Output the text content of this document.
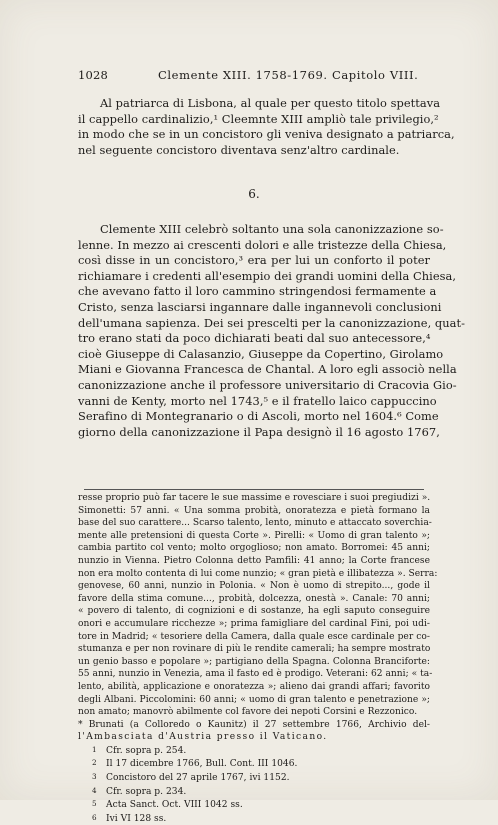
1028	Clemente XIII. 1758-1769. Capitolo VIII.
Al patriarca di Lisbona, al quale per questo titolo spettava
il cappello cardinalizio,¹ Cleemnte XIII ampliò tale privilegio,²
in modo che se in un concistoro gli veniva designato a patriarca,
nel seguente concistoro diventava senz'altro cardinale.
6.
Clemente XIII celebrò soltanto una sola canonizzazione so-
lenne. In mezzo ai crescenti dolori e alle tristezze della Chiesa,
così disse in un concistoro,³ era per lui un conforto il poter
richiamare i credenti all'esempio dei grandi uomini della Chiesa,
che avevano fatto il loro cammino stringendosi fermamente a
Cristo, senza lasciarsi ingannare dalle ingannevoli conclusioni
dell'umana sapienza. Dei sei prescelti per la canonizzazione, quat-
tro erano stati da poco dichiarati beati dal suo antecessore,⁴
cioè Giuseppe di Calasanzio, Giuseppe da Copertino, Girolamo
Miani e Giovanna Francesca de Chantal. A loro egli associò nella
canonizzazione anche il professore universitario di Cracovia Gio-
vanni de Kenty, morto nel 1743,⁵ e il fratello laico cappuccino
Serafino di Montegranario o di Ascoli, morto nel 1604.⁶ Come
giorno della canonizzazione il Papa designò il 16 agosto 1767,
resse proprio può far tacere le sue massime e rovesciare i suoi pregiudizi ».
Simonetti: 57 anni. « Una somma probità, onoratezza e pietà formano la
base del suo carattere... Scarso talento, lento, minuto e attaccato soverchia-
mente alle pretensioni di questa Corte ». Pirelli: « Uomo di gran talento »;
cambia partito col vento; molto orgoglioso; non amato. Borromei: 45 anni;
nunzio in Vienna. Pietro Colonna detto Pamfili: 41 anno; la Corte francese
non era molto contenta di lui come nunzio; « gran pietà e illibatezza ». Serra:
genovese, 60 anni, nunzio in Polonia. « Non è uomo di strepito..., gode il
favore della stima comune..., probità, dolcezza, onestà ». Canale: 70 anni;
« povero di talento, di cognizioni e di sostanze, ha egli saputo conseguire
onori e accumulare ricchezze »; prima famigliare del cardinal Fini, poi udi-
tore in Madrid; « tesoriere della Camera, dalla quale esce cardinale per co-
stumanza e per non rovinare di più le rendite camerali; ha sempre mostrato
un genio basso e popolare »; partigiano della Spagna. Colonna Branciforte:
55 anni, nunzio in Venezia, ama il fasto ed è prodigo. Veterani: 62 anni; « ta-
lento, abilità, applicazione e onoratezza »; alieno dai grandi affari; favorito
degli Albani. Piccolomini: 60 anni; « uomo di gran talento e penetrazione »;
non amato; manovrò abilmente col favore dei nepoti Corsini e Rezzonico.
* Brunati (a Colloredo o Kaunitz) il 27 settembre 1766, Archivio del-
l'Ambasciata d'Austria presso il Vaticano.
1 Cfr. sopra p. 254.
2 Il 17 dicembre 1766, Bull. Cont. III 1046.
3 Concistoro del 27 aprile 1767, ivi 1152.
4 Cfr. sopra p. 234.
5 Acta Sanct. Oct. VIII 1042 ss.
6 Ivi VI 128 ss.
